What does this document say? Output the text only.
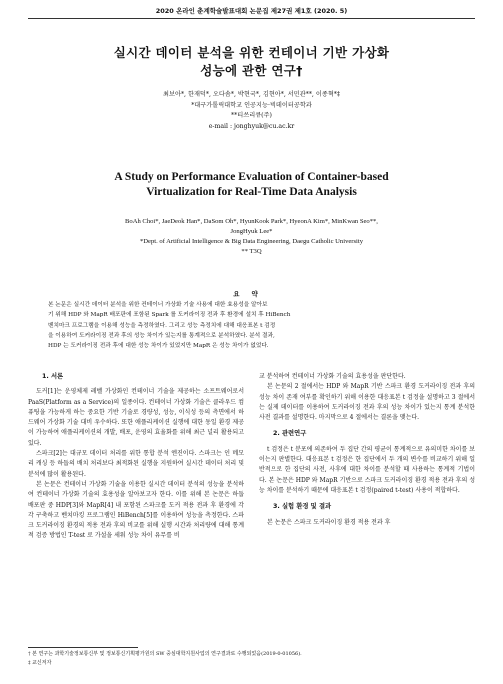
2020 온라인 춘계학술발표대회 논문집 제27권 제1호 (2020. 5)
실시간 데이터 분석을 위한 컨테이너 기반 가상화
성능에 관한 연구†
최보아*, 한재덕*, 오다솜*, 박현국*, 김현아*, 서민관**, 이종혁*‡
*대구가톨릭대학교 인공지능·빅데이터공학과
**티쓰리큐(주)
e-mail : jonghyuk@cu.ac.kr
A Study on Performance Evaluation of Container-based
Virtualization for Real-Time Data Analysis
BoAh Choi*, JaeDeok Han*, DaSom Oh*, HyunKook Park*, HyeonA Kim*, MinKwan Seo**,
JongHyuk Lee*
*Dept. of Artificial Intelligence & Big Data Engineering, Daegu Catholic University
** T3Q
요약
본 논문은 실시간 데이터 분석을 위한 컨테이너 가상화 기술 사용에 대한 효용성을 알아보
기 위해 HDP 와 MapR 배포판에 포함된 Spark 를 도커라이징 전과 후 환경에 설치 후 HiBench
벤치마크 프로그램을 이용해 성능을 측정하였다. 그리고 성능 측정치에 대해 대응표본 t 검정
을 이용하여 도커라이징 전과 후의 성능 차이가 있는지를 통계적으로 분석하였다. 분석 결과,
HDP 는 도커라이징 전과 후에 대한 성능 차이가 있었지만 MapR 은 성능 차이가 없었다.

1. 서론

도커[1]는 운영체제 레벨 가상화인 컨테이너 기술을 제공하는 소프트웨어로서 PaaS(Platform as a Service)의 일종이다. 컨테이너 가상화 기술은 클라우드 컴퓨팅을 가능하게 하는 중요한 기반 기술로 경량성, 성능, 이식성 등의 측면에서 하드웨어 가상화 기술 대비 우수하다. 또한 애플리케이션 실행에 대한 동일 환경 제공이 가능하여 애플리케이션의 개발, 배포, 운영의 효율화를 위해 최근 널리 활용되고 있다.

스파크[2]는 대규모 데이터 처리를 위한 통합 분석 엔진이다. 스파크는 인 메모리 캐싱 등 하둡의 배치 처리보다 최적화된 실행을 지원하여 실시간 데이터 처리 및 분석에 많이 활용된다.

본 논문은 컨테이너 가상화 기술을 이용한 실시간 데이터 분석의 성능을 분석하여 컨테이너 가상화 기술의 효용성을 알아보고자 한다. 이를 위해 본 논문은 하둡 배포판 중 HDP[3]와 MapR[4] 내 포함된 스파크를 도커 적용 전과 후 환경에 각각 구축하고 벤치마킹 프로그램인 HiBench[5]를 이용하여 성능을 측정한다. 스파크 도커라이징 환경의 적용 전과 후의 비교를 위해 실행 시간과 처리량에 대해 통계적 검증 방법인 T-test 로 가설을 세워 성능 차이 유무를 비

교 분석하여 컨테이너 가상화 기술의 효용성을 판단한다.

본 논문의 2 절에서는 HDP 와 MapR 기반 스파크 환경 도커라이징 전과 후의 성능 차이 존재 여부를 확인하기 위해 이용한 대응표본 t 검정을 설명하고 3 절에서는 실제 데이터를 이용하여 도커라이징 전과 후의 성능 차이가 있는지 통계 분석한 사전 결과를 설명한다. 마지막으로 4 절에서는 결론을 맺는다.

2. 관련연구

t 검정은 t 분포에 의존하여 두 집단 간의 평균이 통계적으로 유의미한 차이를 보이는지 판별한다. 대응표본 t 검정은 한 집단에서 두 개의 변수를 비교하기 위해 일반적으로 한 집단의 사전, 사후에 대한 차이를 분석할 때 사용하는 통계적 기법이다. 본 논문은 HDP 와 MapR 기반으로 스파크 도커라이징 환경 적용 전과 후의 성능 차이를 분석하기 때문에 대응표본 t 검정(paired t-test) 사용이 적합하다.

3. 실험 환경 및 결과

본 논문은 스파크 도커라이징 환경 적용 전과 후

† 본 연구는 과학기술정보통신부 및 정보통신기획평가원의 SW 중심대학지원사업의 연구결과로 수행되었음(2019-0-01056).
‡ 교신저자
